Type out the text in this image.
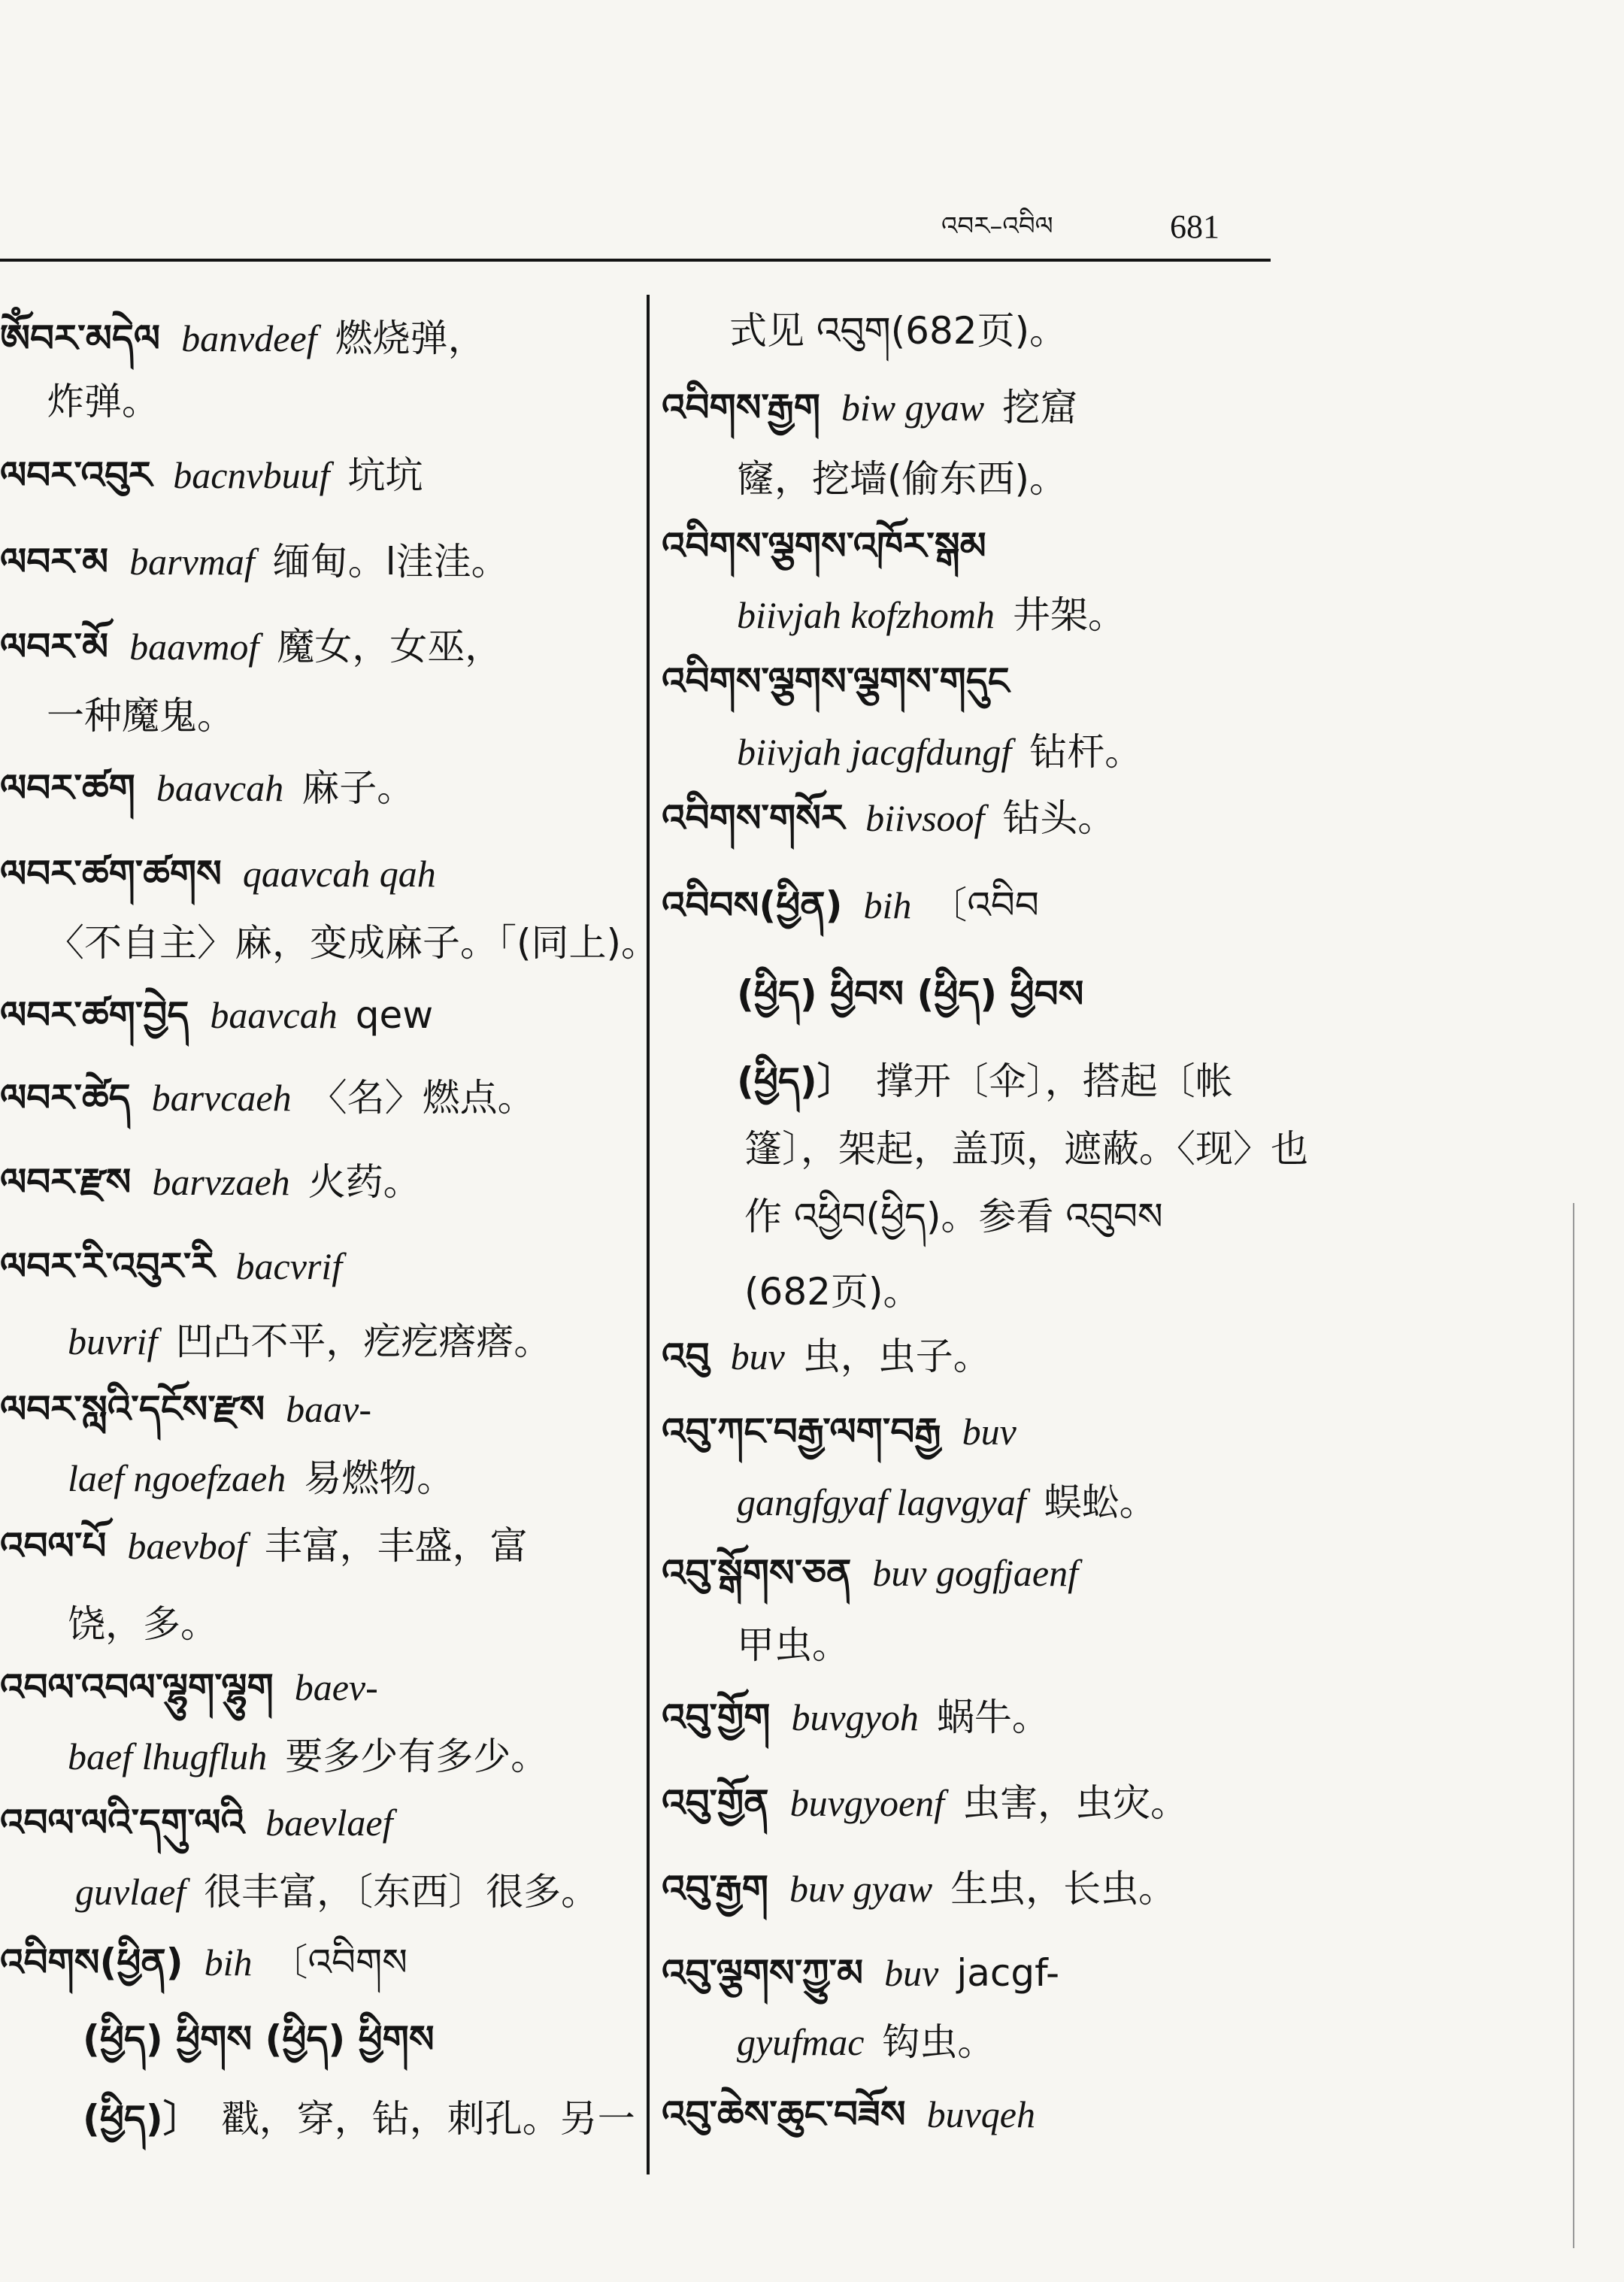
འབར–འབིལ	681
ༀབར་མདེལ banvdeef 燃烧弹，
炸弹。
ལབར་འབུར bacnvbuuf 坑坑
ལབར་མ barvmaf 缅甸。l洼洼。
ལབར་མོ baavmof 魔女，女巫，
一种魔鬼。
ལབར་ཚག baavcah 麻子。
ལབར་ཚག་ཚགས qaavcah qah
〈不自主〉麻，变成麻子。「(同上)。
ལབར་ཚག་བྱེད baavcah qew
ལབར་ཚེད barvcaeh 〈名〉燃点。
ལབར་རྫས barvzaeh 火药。
ལབར་རི་འབུར་རི bacvrif
buvrif 凹凸不平，疙疙瘩瘩。
ལབར་སླའི་དངོས་རྫས baav-
laef ngoefzaeh 易燃物。
འབལ་པོ baevbof 丰富，丰盛，富
饶，多。
འབལ་འབལ་ལྷུག་ལྷུག baev-
baef lhugfluh 要多少有多少。
འབལ་ལའི་དགུ་ལའི baevlaef
guvlaef 很丰富，〔东西〕很多。
འབིགས(ཕྱིན) bih 〔འབིགས
(ཕྱིད) ཕྱིགས (ཕྱིད) ཕྱིགས
(ཕྱིད)〕 戳，穿，钻，刺孔。另一
式见 འབུག(682页)。
འབིགས་རྒྱག biw gyaw 挖窟
窿，挖墙(偷东西)。
འབིགས་ལྕགས་འཁོར་སྒམ
biivjah kofzhomh 井架。
འབིགས་ལྕགས་ལྕགས་གདུང
biivjah jacgfdungf 钻杆。
འབིགས་གསོར biivsoof 钻头。
འབིབས(ཕྱིན) bih 〔འབིབ
(ཕྱིད) ཕྱིབས (ཕྱིད) ཕྱིབས
(ཕྱིད)〕 撑开〔伞〕，搭起〔帐
篷〕，架起，盖顶，遮蔽。〈现〉也
作 འཕྱིབ(ཕྱིད)。参看 འབུབས
(682页)。
འབུ buv 虫，虫子。
འབུ་ཀང་བརྒྱ་ལག་བརྒྱ buv
gangfgyaf lagvgyaf 蜈蚣。
འབུ་སྒོགས་ཅན buv gogfjaenf
甲虫。
འབུ་གྱོག buvgyoh 蜗牛。
འབུ་གྱོན buvgyoenf 虫害，虫灾。
འབུ་རྒྱག buv gyaw 生虫，长虫。
འབུ་ལྕགས་ཀྱུ་མ buv jacgf-
gyufmac 钩虫。
འབུ་ཆེས་ཆུང་བཟོས buvqeh
